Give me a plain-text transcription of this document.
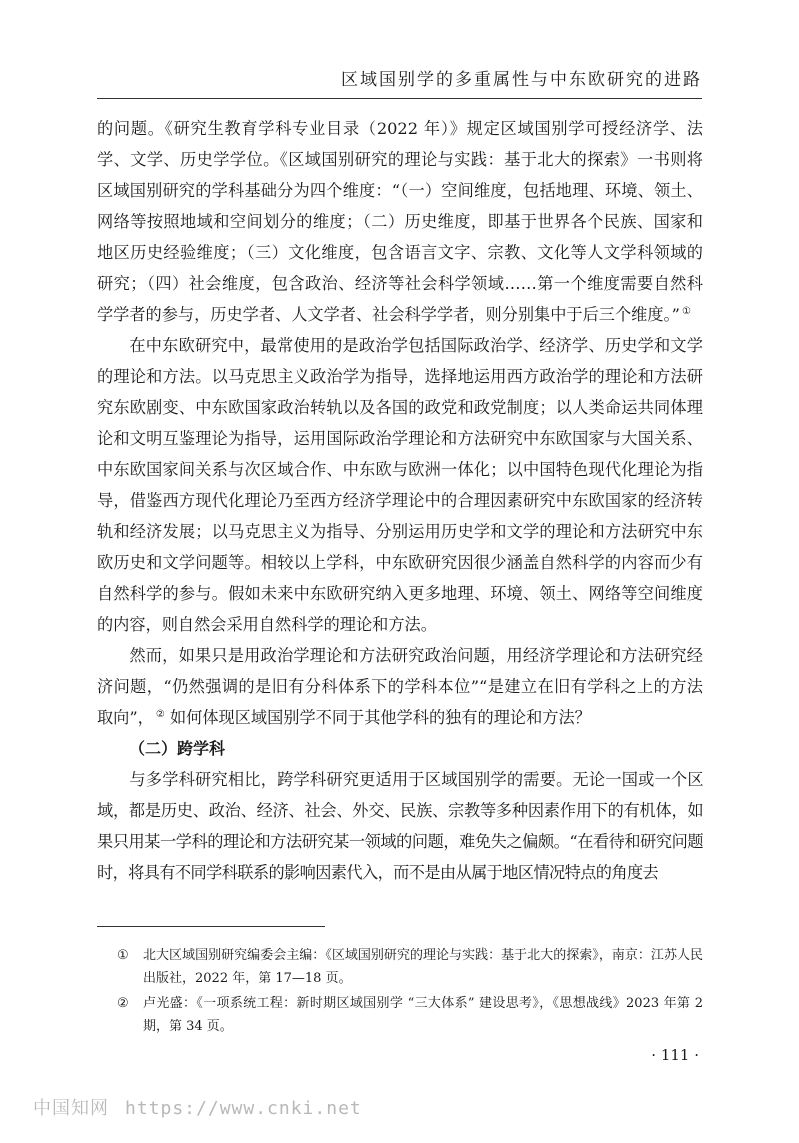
区域国别学的多重属性与中东欧研究的进路

的问题。《研究生教育学科专业目录（2022 年）》规定区域国别学可授经济学、法学、文学、历史学学位。《区域国别研究的理论与实践：基于北大的探索》一书则将区域国别研究的学科基础分为四个维度：“（一）空间维度，包括地理、环境、领土、网络等按照地域和空间划分的维度；（二）历史维度，即基于世界各个民族、国家和地区历史经验维度；（三）文化维度，包含语言文字、宗教、文化等人文学科领域的研究；（四）社会维度，包含政治、经济等社会科学领域……第一个维度需要自然科学学者的参与，历史学者、人文学者、社会科学学者，则分别集中于后三个维度。” ①

在中东欧研究中，最常使用的是政治学包括国际政治学、经济学、历史学和文学的理论和方法。以马克思主义政治学为指导，选择地运用西方政治学的理论和方法研究东欧剧变、中东欧国家政治转轨以及各国的政党和政党制度；以人类命运共同体理论和文明互鉴理论为指导，运用国际政治学理论和方法研究中东欧国家与大国关系、中东欧国家间关系与次区域合作、中东欧与欧洲一体化；以中国特色现代化理论为指导，借鉴西方现代化理论乃至西方经济学理论中的合理因素研究中东欧国家的经济转轨和经济发展；以马克思主义为指导、分别运用历史学和文学的理论和方法研究中东欧历史和文学问题等。相较以上学科，中东欧研究因很少涵盖自然科学的内容而少有自然科学的参与。假如未来中东欧研究纳入更多地理、环境、领土、网络等空间维度的内容，则自然会采用自然科学的理论和方法。

然而，如果只是用政治学理论和方法研究政治问题，用经济学理论和方法研究经济问题，“仍然强调的是旧有分科体系下的学科本位”“是建立在旧有学科之上的方法取向”， ② 如何体现区域国别学不同于其他学科的独有的理论和方法？

（二）跨学科

与多学科研究相比，跨学科研究更适用于区域国别学的需要。无论一国或一个区域，都是历史、政治、经济、社会、外交、民族、宗教等多种因素作用下的有机体，如果只用某一学科的理论和方法研究某一领域的问题，难免失之偏颇。“在看待和研究问题时，将具有不同学科联系的影响因素代入，而不是由从属于地区情况特点的角度去

①	北大区域国别研究编委会主编：《区域国别研究的理论与实践：基于北大的探索》，南京：江苏人民出版社，2022 年，第 17—18 页。
②	卢光盛：《一项系统工程：新时期区域国别学 “三大体系” 建设思考》，《思想战线》2023 年第 2 期，第 34 页。
· 111 ·
中国知网 https://www.cnki.net
